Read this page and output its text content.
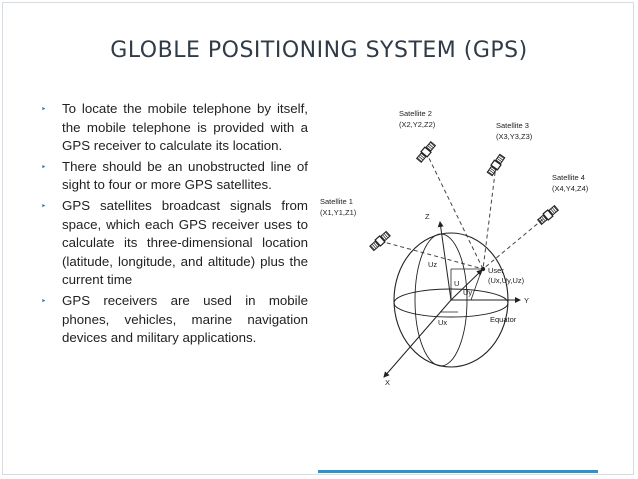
GLOBLE POSITIONING SYSTEM (GPS)
‣ To locate the mobile telephone by itself, the mobile telephone is provided with a GPS receiver to calculate its location.
‣ There should be an unobstructed line of sight to four or more GPS satellites.
‣ GPS satellites broadcast signals from space, which each GPS receiver uses to calculate its three-dimensional location (latitude, longitude, and altitude) plus the current time
‣ GPS receivers are used in mobile phones, vehicles, marine navigation devices and military applications.
Satellite 2
(X2,Y2,Z2)	Satellite 3
(X3,Y3,Z3)
Satellite 4
(X4,Y4,Z4)
Satellite 1
(X1,Y1,Z1)	Z
Y
X
Uz
U
Uy
Ux
User
(Ux,Uy,Uz)
Equator
